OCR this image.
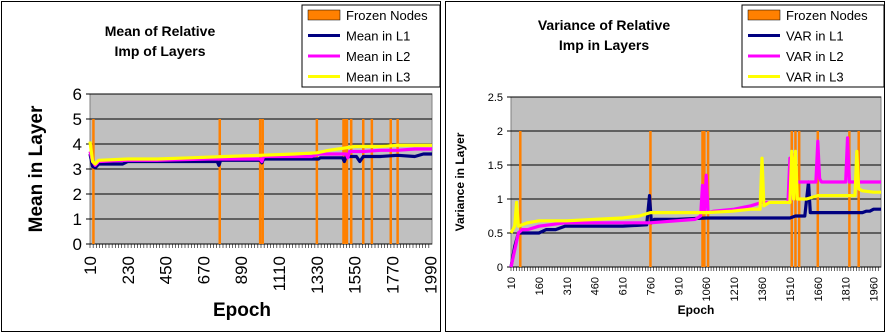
Mean of Relative
Imp of Layers
0
1
2
3
4
5
6
10 230 450 670 890 1110 1330 1550 1770 1990
Epoch
Mean in Layer
Frozen Nodes
Mean in L1
Mean in L2
Mean in L3
Variance of Relative
Imp in Layers
0
0.5
1
1.5
2
2.5
10 160 310 460 610 760 910 1060 1210 1360 1510 1660 1810 1960
Epoch
Variance in Layer
Frozen Nodes
VAR in L1
VAR in L2
VAR in L3
